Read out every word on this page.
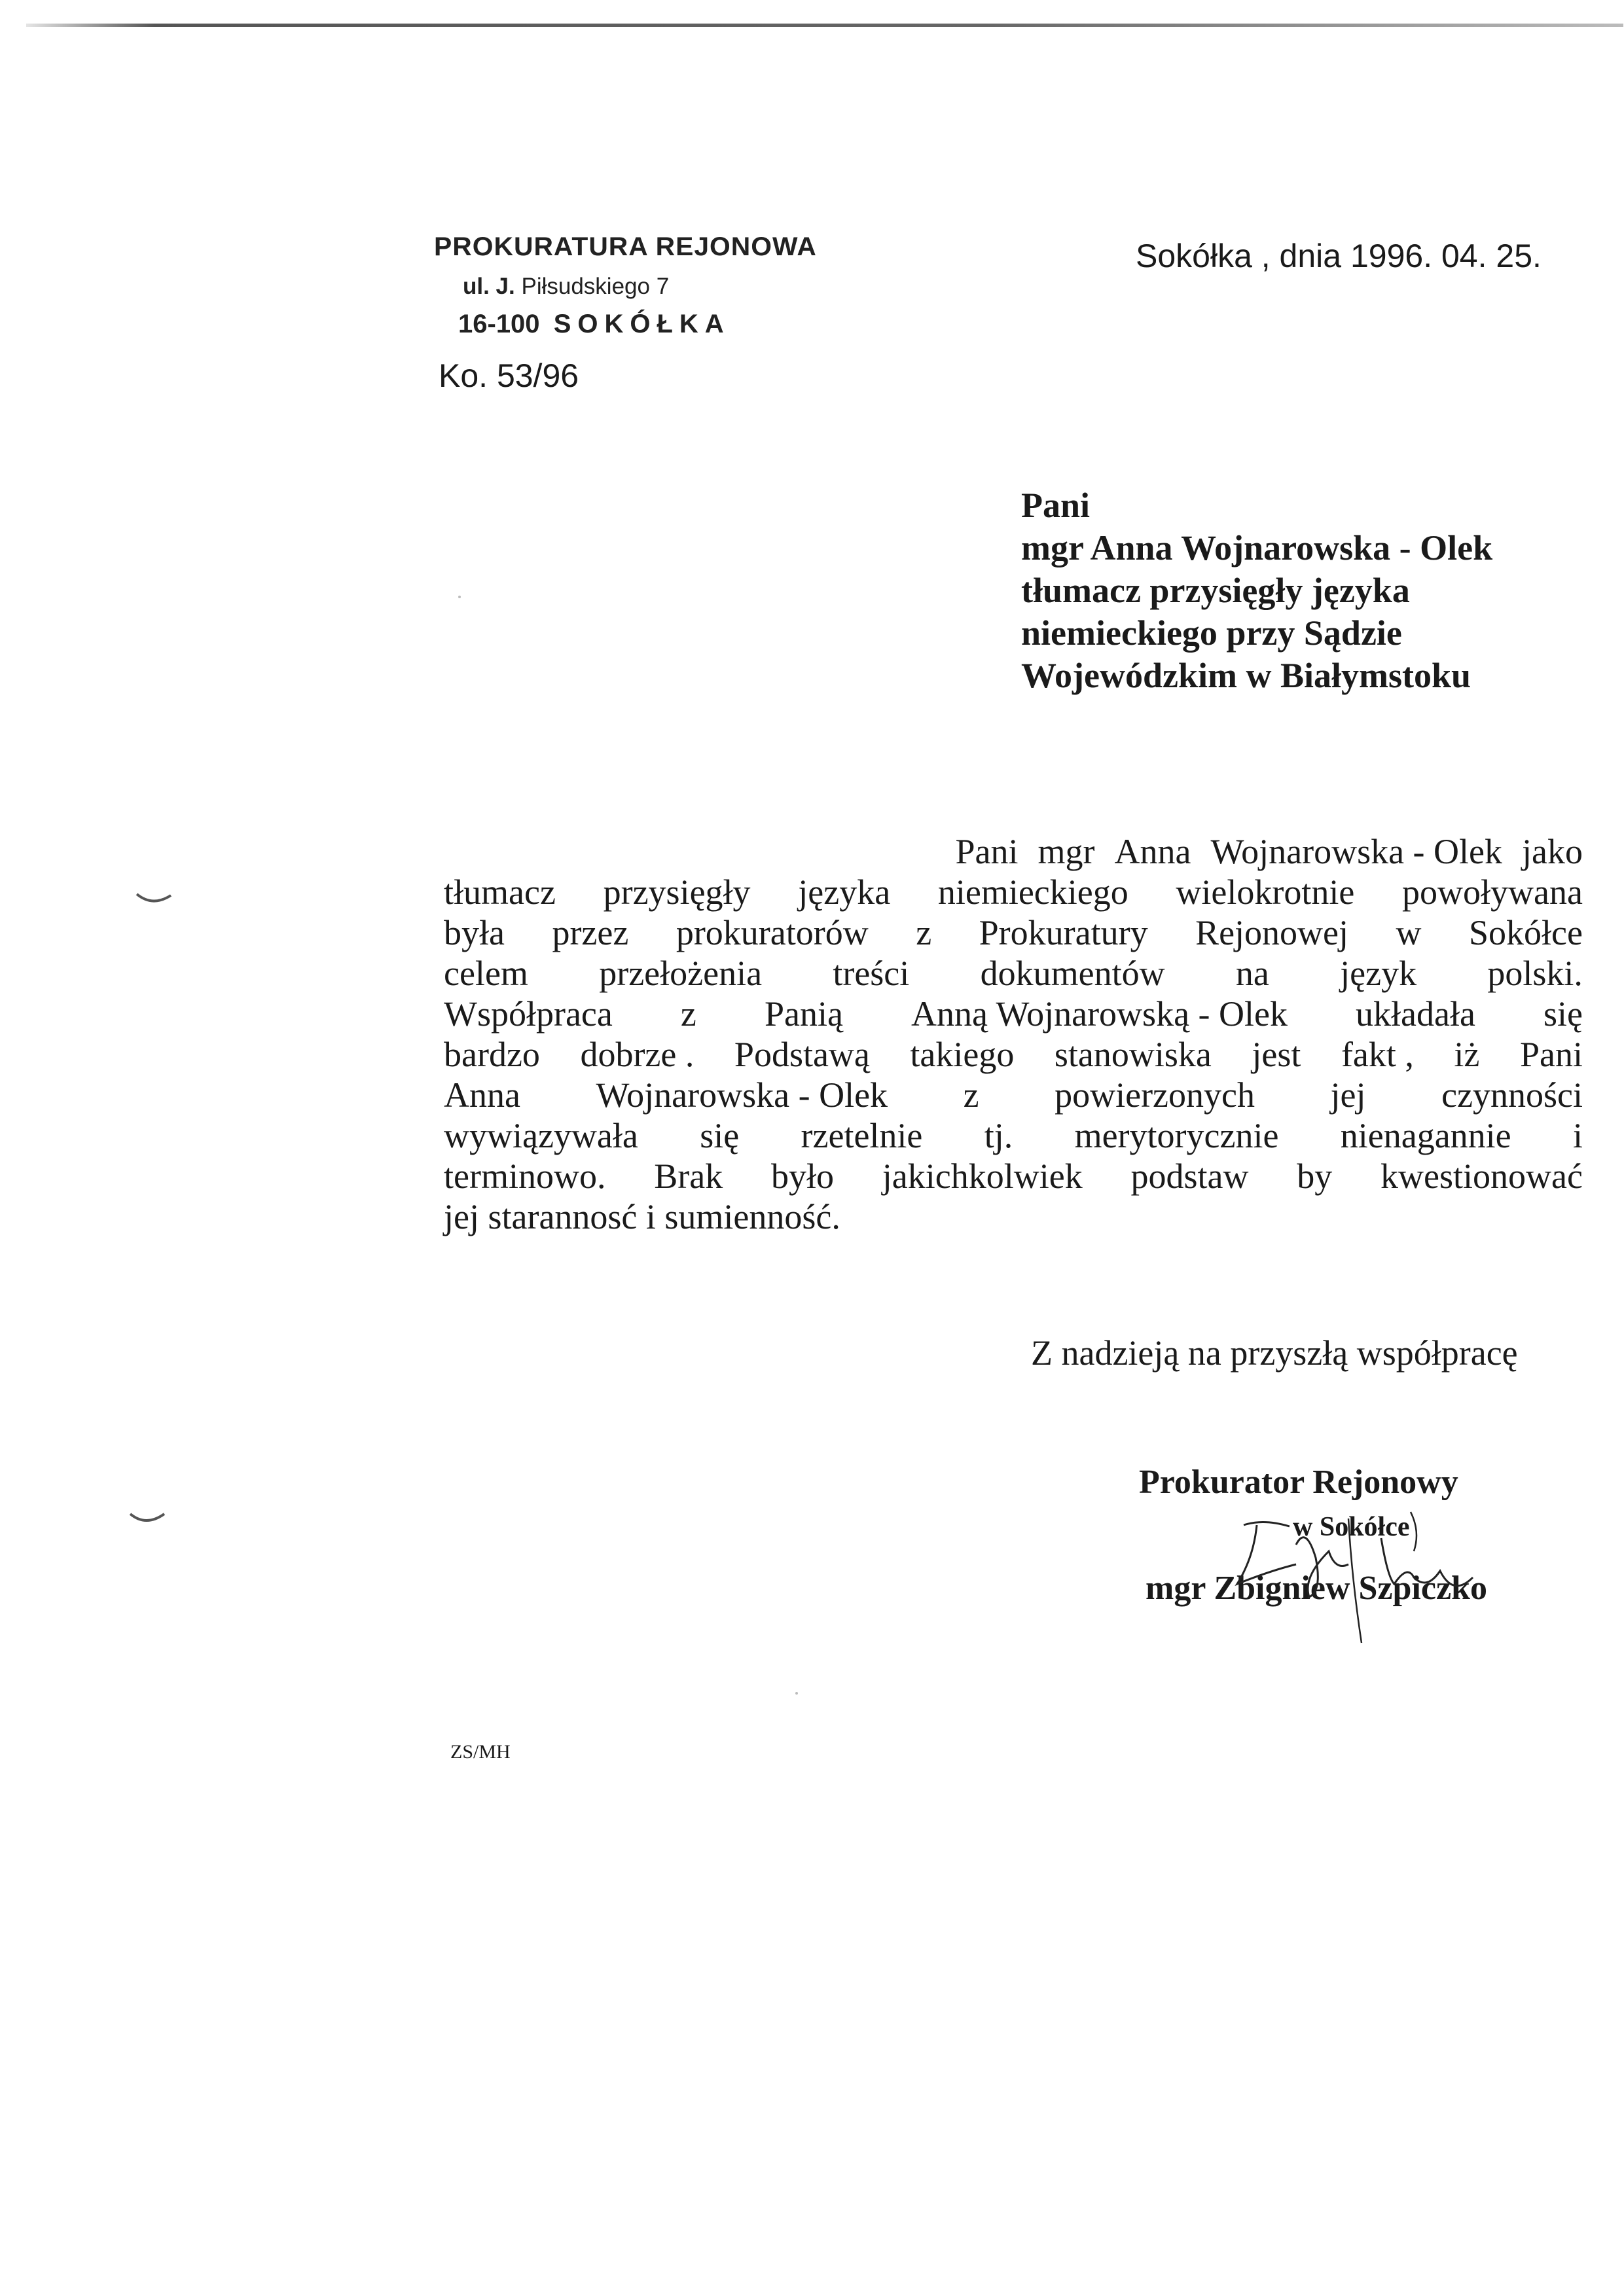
PROKURATURA REJONOWA
ul. J. Piłsudskiego 7
16-100 SOKÓŁKA
Sokółka , dnia 1996. 04. 25.
Ko. 53/96
Pani
mgr Anna Wojnarowska - Olek
tłumacz przysięgły języka
niemieckiego przy Sądzie
Wojewódzkim w Białymstoku
Pani mgr Anna Wojnarowska - Olek jako
tłumacz przysięgły języka niemieckiego wielokrotnie powoływana
była przez prokuratorów z Prokuratury Rejonowej w Sokółce
celem przełożenia treści dokumentów na język polski.
Współpraca z Panią Anną Wojnarowską - Olek układała się
bardzo dobrze . Podstawą takiego stanowiska jest fakt , iż Pani
Anna Wojnarowska - Olek z powierzonych jej czynności
wywiązywała się rzetelnie tj. merytorycznie nienagannie i
terminowo. Brak było jakichkolwiek podstaw by kwestionować
jej starannosć i sumienność.
Z nadzieją na przyszłą współpracę
Prokurator Rejonowy
w Sokółce
mgr Zbigniew Szpiczko
ZS/MH
